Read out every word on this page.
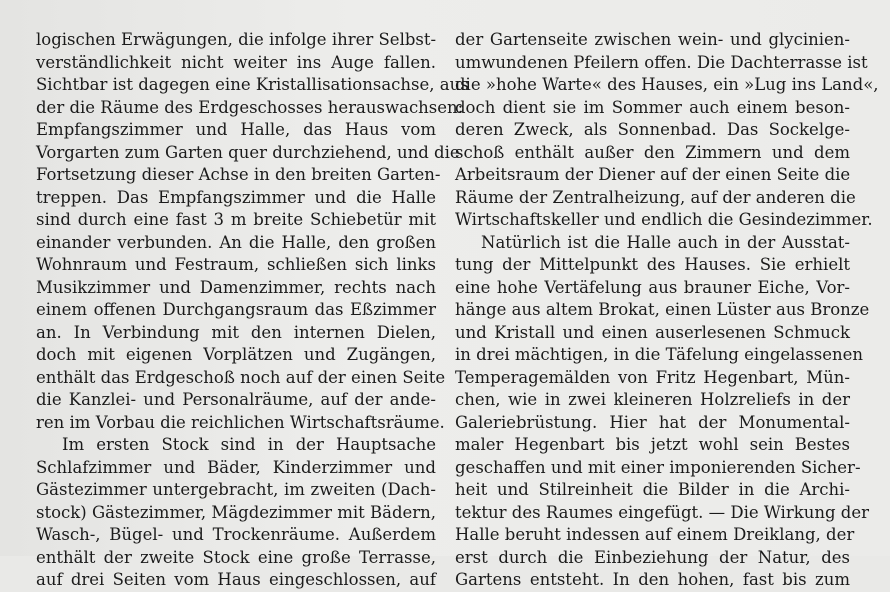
logischen Erwägungen, die infolge ihrer Selbst-
verständlichkeit nicht weiter ins Auge fallen.
Sichtbar ist dagegen eine Kristallisationsachse, aus
der die Räume des Erdgeschosses herauswachsen:
Empfangszimmer und Halle, das Haus vom
Vorgarten zum Garten quer durchziehend, und die
Fortsetzung dieser Achse in den breiten Garten-
treppen. Das Empfangszimmer und die Halle
sind durch eine fast 3 m breite Schiebetür mit
einander verbunden. An die Halle, den großen
Wohnraum und Festraum, schließen sich links
Musikzimmer und Damenzimmer, rechts nach
einem offenen Durchgangsraum das Eßzimmer
an. In Verbindung mit den internen Dielen,
doch mit eigenen Vorplätzen und Zugängen,
enthält das Erdgeschoß noch auf der einen Seite
die Kanzlei- und Personalräume, auf der ande-
ren im Vorbau die reichlichen Wirtschaftsräume.
Im ersten Stock sind in der Hauptsache
Schlafzimmer und Bäder, Kinderzimmer und
Gästezimmer untergebracht, im zweiten (Dach-
stock) Gästezimmer, Mägdezimmer mit Bädern,
Wasch-, Bügel- und Trockenräume. Außerdem
enthält der zweite Stock eine große Terrasse,
auf drei Seiten vom Haus eingeschlossen, auf
der Gartenseite zwischen wein- und glycinien-
umwundenen Pfeilern offen. Die Dachterrasse ist
die »hohe Warte« des Hauses, ein »Lug ins Land«,
doch dient sie im Sommer auch einem beson-
deren Zweck, als Sonnenbad. Das Sockelge-
schoß enthält außer den Zimmern und dem
Arbeitsraum der Diener auf der einen Seite die
Räume der Zentralheizung, auf der anderen die
Wirtschaftskeller und endlich die Gesindezimmer.
Natürlich ist die Halle auch in der Ausstat-
tung der Mittelpunkt des Hauses. Sie erhielt
eine hohe Vertäfelung aus brauner Eiche, Vor-
hänge aus altem Brokat, einen Lüster aus Bronze
und Kristall und einen auserlesenen Schmuck
in drei mächtigen, in die Täfelung eingelassenen
Temperagemälden von Fritz Hegenbart, Mün-
chen, wie in zwei kleineren Holzreliefs in der
Galeriebrüstung. Hier hat der Monumental-
maler Hegenbart bis jetzt wohl sein Bestes
geschaffen und mit einer imponierenden Sicher-
heit und Stilreinheit die Bilder in die Archi-
tektur des Raumes eingefügt. — Die Wirkung der
Halle beruht indessen auf einem Dreiklang, der
erst durch die Einbeziehung der Natur, des
Gartens entsteht. In den hohen, fast bis zum
